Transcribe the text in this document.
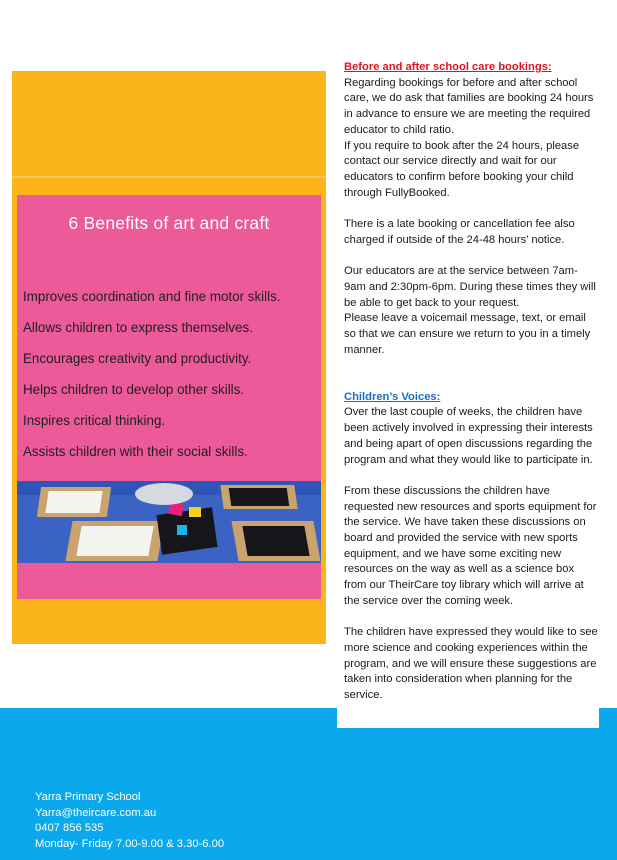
6 Benefits of art and craft
Improves coordination and fine motor skills.
Allows children to express themselves.
Encourages creativity and productivity.
Helps children to develop other skills.
Inspires critical thinking.
Assists children with their social skills.

Before and after school care bookings:

Regarding bookings for before and after school care, we do ask that families are booking 24 hours in advance to ensure we are meeting the required educator to child ratio.

If you require to book after the 24 hours, please contact our service directly and wait for our educators to confirm before booking your child through FullyBooked.

There is a late booking or cancellation fee also charged if outside of the 24-48 hours’ notice.

Our educators are at the service between 7am-9am and 2:30pm-6pm. During these times they will be able to get back to your request.

Please leave a voicemail message, text, or email so that we can ensure we return to you in a timely manner.

Children’s Voices:

Over the last couple of weeks, the children have been actively involved in expressing their interests and being apart of open discussions regarding the program and what they would like to participate in.

From these discussions the children have requested new resources and sports equipment for the service. We have taken these discussions on board and provided the service with new sports equipment, and we have some exciting new resources on the way as well as a science box from our TheirCare toy library which will arrive at the service over the coming week.

The children have expressed they would like to see more science and cooking experiences within the program, and we will ensure these suggestions are taken into consideration when planning for the service.

Yarra Primary School
Yarra@theircare.com.au
0407 856 535
Monday- Friday 7.00-9.00 & 3.30-6.00
